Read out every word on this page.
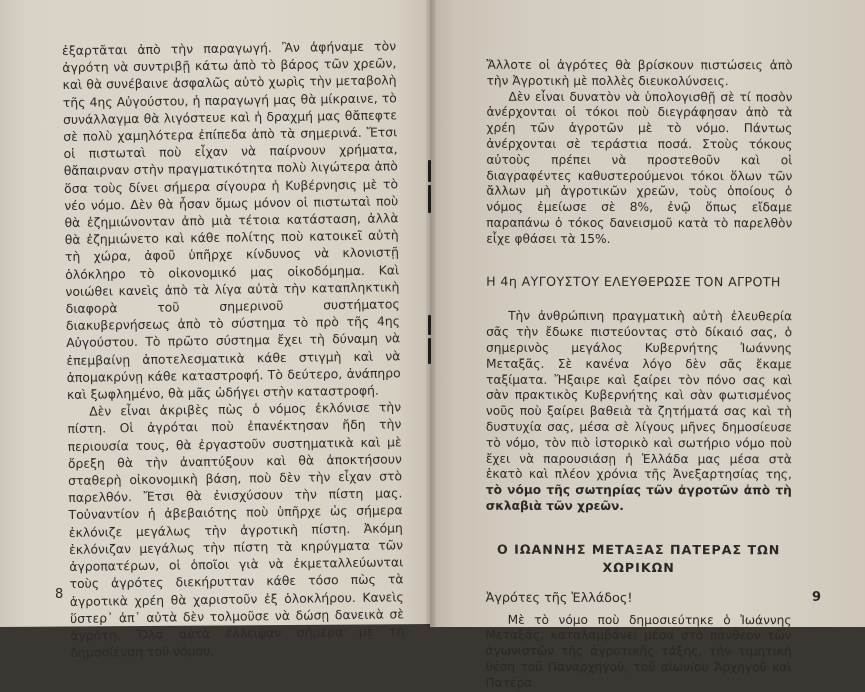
ἐξαρτᾶται ἀπὸ τὴν παραγωγή. Ἂν ἀφήναμε τὸν ἀγρότη νὰ συντριβῇ κάτω ἀπὸ τὸ βάρος τῶν χρεῶν, καὶ θὰ συνέβαινε ἀσφαλῶς αὐτὸ χωρὶς τὴν μεταβολὴ τῆς 4ης Αὐγούστου, ἡ παραγωγή μας θὰ μίκραινε, τὸ συνάλλαγμα θὰ λιγόστευε καὶ ἡ δραχμή μας θἄπεφτε σὲ πολὺ χαμηλότερα ἐπίπεδα ἀπὸ τὰ σημερινά. Ἔτσι οἱ πιστωταὶ ποὺ εἶχαν νὰ παίρνουν χρήματα, θἄπαιρναν στὴν πραγματικότητα πολὺ λιγώτερα ἀπὸ ὅσα τοὺς δίνει σήμερα σίγουρα ἡ Κυβέρνησις μὲ τὸ νέο νόμο. Δὲν θὰ ἦσαν ὅμως μόνον οἱ πιστωταὶ ποὺ θὰ ἐζημιώνονταν ἀπὸ μιὰ τέτοια κατάσταση, ἀλλὰ θὰ ἐζημιώνετο καὶ κάθε πολίτης ποὺ κατοικεῖ αὐτὴ τὴ χώρα, ἀφοῦ ὑπῆρχε κίνδυνος νὰ κλονιστῇ ὁλόκληρο τὸ οἰκονομικό μας οἰκοδόμημα. Καὶ νοιώθει κανεὶς ἀπὸ τὰ λίγα αὐτὰ τὴν καταπληκτικὴ διαφορὰ τοῦ σημερινοῦ συστήματος διακυβερνήσεως ἀπὸ τὸ σύστημα τὸ πρὸ τῆς 4ης Αὐγούστου. Τὸ πρῶτο σύστημα ἔχει τὴ δύναμη νὰ ἐπεμβαίνῃ ἀποτελεσματικὰ κάθε στιγμὴ καὶ νὰ ἀπομακρύνῃ κάθε καταστροφή. Τὸ δεύτερο, ἀνάπηρο καὶ ξωφλημένο, θὰ μᾶς ὡδήγει στὴν καταστροφή.

Δὲν εἶναι ἀκριβὲς πὼς ὁ νόμος ἐκλόνισε τὴν πίστη. Οἱ ἀγρόται ποὺ ἐπανέκτησαν ἤδη τὴν περιουσία τους, θὰ ἐργαστοῦν συστηματικὰ καὶ μὲ ὄρεξη θὰ τὴν ἀναπτύξουν καὶ θὰ ἀποκτήσουν σταθερὴ οἰκονομικὴ βάση, ποὺ δὲν τὴν εἶχαν στὸ παρελθόν. Ἔτσι θὰ ἐνισχύσουν τὴν πίστη μας. Τοὐναντίον ἡ ἀβεβαιότης ποὺ ὑπῆρχε ὡς σήμερα ἐκλόνιζε μεγάλως τὴν ἀγροτικὴ πίστη. Ἀκόμη ἐκλόνιζαν μεγάλως τὴν πίστη τὰ κηρύγματα τῶν ἀγροπατέρων, οἱ ὁποῖοι γιὰ νὰ ἐκμεταλλεύωνται τοὺς ἀγρότες διεκήρυτταν κάθε τόσο πὼς τὰ ἀγροτικὰ χρέη θὰ χαριστοῦν ἐξ ὁλοκλήρου. Κανεὶς ὕστερ᾽ ἀπ᾽ αὐτὰ δὲν τολμοῦσε νὰ δώσῃ δανεικὰ σὲ ἀγρότη. Ὅλα αὐτὰ ἔλλειψαν σήμερα μὲ τὴ δημοσίευση τοῦ νόμου.

8

Ἄλλοτε οἱ ἀγρότες θὰ βρίσκουν πιστώσεις ἀπὸ τὴν Ἀγροτικὴ μὲ πολλὲς διευκολύνσεις.

Δὲν εἶναι δυνατὸν νὰ ὑπολογισθῇ σὲ τί ποσὸν ἀνέρχονται οἱ τόκοι ποὺ διεγράφησαν ἀπὸ τὰ χρέη τῶν ἀγροτῶν μὲ τὸ νόμο. Πάντως ἀνέρχονται σὲ τεράστια ποσά. Στοὺς τόκους αὐτοὺς πρέπει νὰ προστεθοῦν καὶ οἱ διαγραφέντες καθυστερούμενοι τόκοι ὅλων τῶν ἄλλων μὴ ἀγροτικῶν χρεῶν, τοὺς ὁποίους ὁ νόμος ἐμείωσε σὲ 8%, ἐνῷ ὅπως εἴδαμε παραπάνω ὁ τόκος δανεισμοῦ κατὰ τὸ παρελθὸν εἶχε φθάσει τὰ 15%.

Η 4η ΑΥΓΟΥΣΤΟΥ ΕΛΕΥΘΕΡΩΣΕ ΤΟΝ ΑΓΡΟΤΗ

Τὴν ἀνθρώπινη πραγματικὴ αὐτὴ ἐλευθερία σᾶς τὴν ἔδωκε πιστεύοντας στὸ δίκαιό σας, ὁ σημερινὸς μεγάλος Κυβερνήτης Ἰωάννης Μεταξᾶς. Σὲ κανένα λόγο δὲν σᾶς ἔκαμε ταξίματα. Ἤξαιρε καὶ ξαίρει τὸν πόνο σας καὶ σὰν πρακτικὸς Κυβερνήτης καὶ σὰν φωτισμένος νοῦς ποὺ ξαίρει βαθειὰ τὰ ζητήματά σας καὶ τὴ δυστυχία σας, μέσα σὲ λίγους μῆνες δημοσίευσε τὸ νόμο, τὸν πιὸ ἱστορικὸ καὶ σωτήριο νόμο ποὺ ἔχει νὰ παρουσιάσῃ ἡ Ἑλλάδα μας μέσα στὰ ἑκατὸ καὶ πλέον χρόνια τῆς Ἀνεξαρτησίας της, τὸ νόμο τῆς σωτηρίας τῶν ἀγροτῶν ἀπὸ τὴ σκλαβιὰ τῶν χρεῶν.

Ο ΙΩΑΝΝΗΣ ΜΕΤΑΞΑΣ ΠΑΤΕΡΑΣ ΤΩΝ ΧΩΡΙΚΩΝ

Ἀγρότες τῆς Ἑλλάδος!

Μὲ τὸ νόμο ποὺ δημοσιεύτηκε ὁ Ἰωάννης Μεταξᾶς, καταλαμβάνει μέσα στὸ πάνθεον τῶν ἀγωνιστῶν τῆς ἀγροτικῆς τάξης, τὴν τιμητικὴ θέση τοῦ Παναρχηγοῦ, τοῦ αἰωνίου Ἀρχηγοῦ καὶ Πατέρα

9
